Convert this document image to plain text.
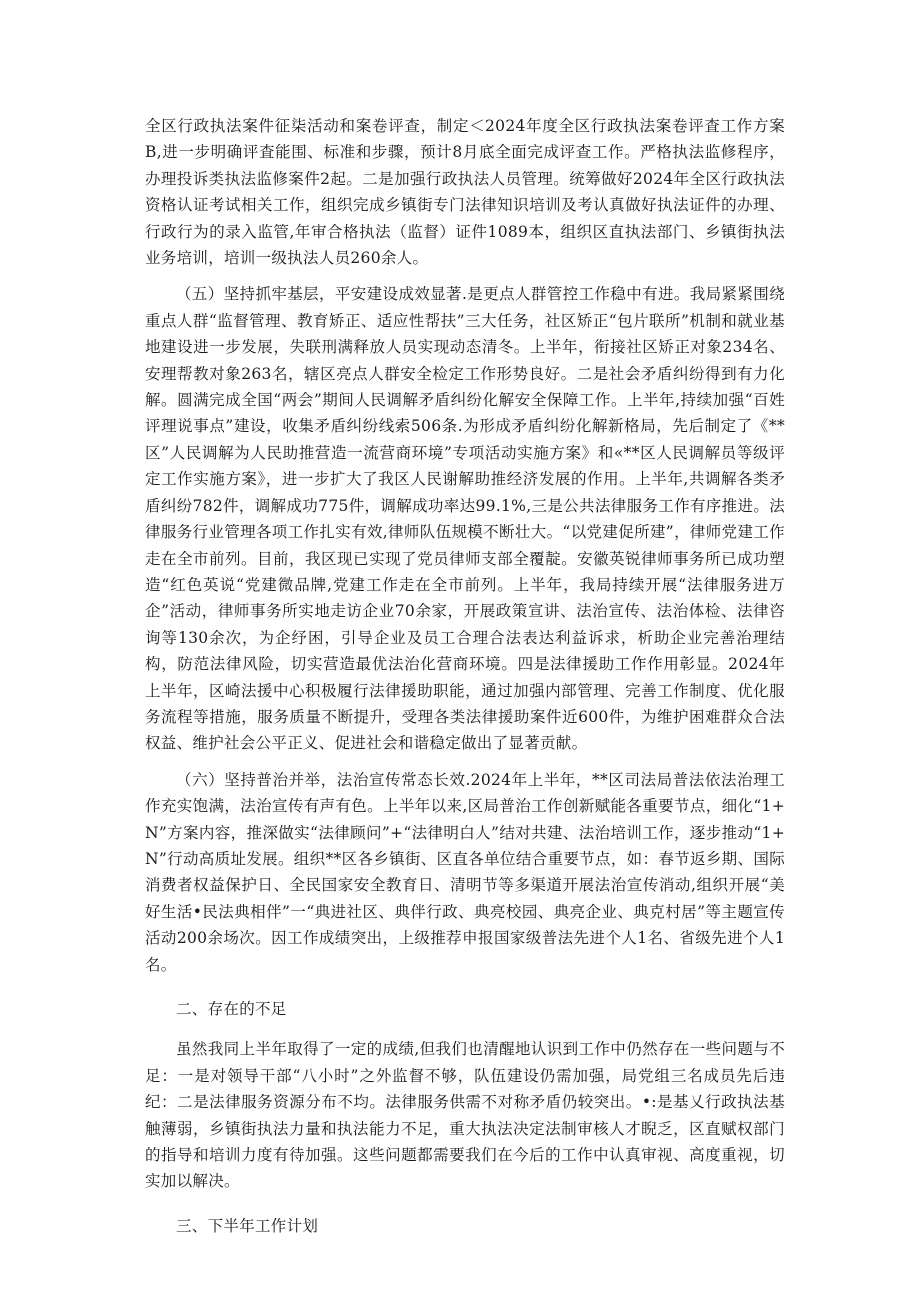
全区行政执法案件征柒活动和案卷评查，制定＜2024年度全区行政执法案卷评査工作方案B,进一步明确评査能围、标准和步骤，预计8月底全面完成评查工作。严格执法监修程序，办理投诉类执法监修案件2起。二是加强行政执法人员管理。统筹做好2024年全区行政执法资格认证考试相关工作，组织完成乡镇街专门法律知识培训及考认真做好执法证件的办理、行政行为的录入监管,年审合格执法（监督）证件1089本，组织区直执法部门、乡镇街执法业务培训，培训一级执法人员260余人。

（五）坚持抓牢基层，平安建设成效显著.是更点人群管控工作稳中有进。我局紧紧围绕重点人群“监督管理、教育矫正、适应性帮扶”三大任务，社区矫正“包片联所”机制和就业基地建设进一步发展，失联刑满释放人员实现动态清冬。上半年，衔接社区矫正对象234名、安理帮教对象263名，辖区亮点人群安全检定工作形势良好。二是社会矛盾纠纷得到有力化解。圆满完成全国“两会”期间人民调解矛盾纠纷化解安全保障工作。上半年,持续加强“百姓评理说事点”建设，收集矛盾纠纷线索506条.为形成矛盾纠纷化解新格局，先后制定了《**区”人民调解为人民助推营造一流营商环境”专项活动实施方案》和«**区人民调解员等级评定工作实施方案》，进一步扩大了我区人民谢解助推经济发展的作用。上半年,共调解各类矛盾纠纷782件，调解成功775件，调解成功率达99.1%,三是公共法律服务工作有序推进。法律服务行业管理各项工作扎实有效,律师队伍规模不断壮大。“以党建促所建”，律师党建工作走在全市前列。目前，我区现已实现了党员律师支部全覆靛。安徽英锐律师事务所已成功塑造“红色英说“党建微品牌,党建工作走在全市前列。上半年，我局持续开展“法律服务进万企”活动，律师事务所实地走访企业70余家，开展政策宣讲、法治宣传、法治体检、法律咨询等130余次，为企纾困，引导企业及员工合理合法表达利益诉求，析助企业完善治理结构，防范法律风险，切实营造最优法治化营商环境。四是法律援助工作作用彰显。2024年上半年，区崎法援中心积极履行法律援助职能，通过加强内部管理、完善工作制度、优化服务流程等措施，服务质量不断提升，受理各类法律援助案件近600件，为维护困难群众合法权益、维护社会公平正义、促进社会和谐稳定做出了显著贡献。

（六）坚持普治并举，法治宣传常态长效.2024年上半年，**区司法局普法依法治理工作充实饱满，法治宣传有声有色。上半年以来,区局普治工作创新赋能各重要节点，细化“1+N”方案内容，推深做实“法律顾问”+“法律明白人”结对共建、法治培训工作，逐步推动“1+N”行动高质址发展。组织**区各乡镇街、区直各单位结合重要节点，如：春节返乡期、国际消费者权益保护日、全民国家安全教育日、清明节等多渠道开展法治宣传消动,组织开展“美好生活•民法典相伴”一“典进社区、典伴行政、典亮校园、典亮企业、典克村居”等主题宣传活动200余场次。因工作成绩突出，上级推荐申报国家级普法先进个人1名、省级先进个人1名。

二、存在的不足

虽然我同上半年取得了一定的成绩,但我们也清醒地认识到工作中仍然存在一些问题与不足：一是对领导干部“八小时”之外监督不够，队伍建设仍需加强，局党组三名成员先后违纪：二是法律服务资源分布不均。法律服务供需不对称矛盾仍较突出。•:是基乂行政执法基触薄弱，乡镇街执法力量和执法能力不足，重大执法决定法制审核人才睨乏，区直赋权部门的指导和培训力度有待加强。这些问题都需要我们在今后的工作中认真审视、高度重视，切实加以解决。

三、下半年工作计划
